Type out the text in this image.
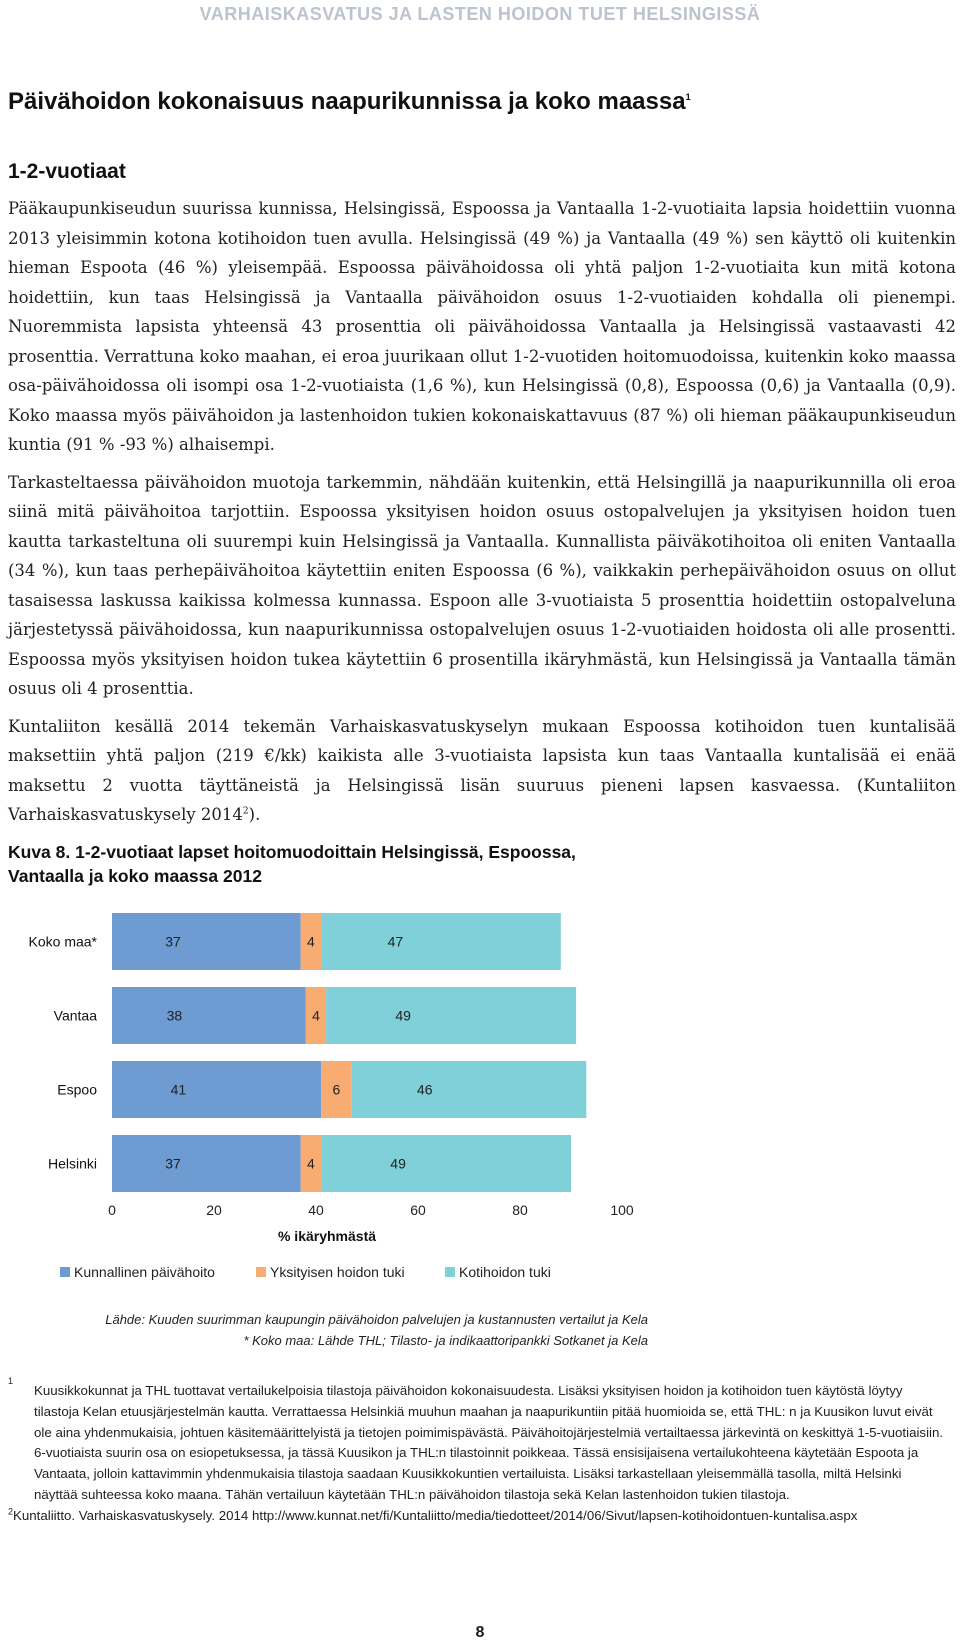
VARHAISKASVATUS JA LASTEN HOIDON TUET HELSINGISSÄ
Päivähoidon kokonaisuus naapurikunnissa ja koko maassa$^1$
1-2-vuotiaat

Pääkaupunkiseudun suurissa kunnissa, Helsingissä, Espoossa ja Vantaalla 1-2-vuotiaita lapsia hoidettiin vuonna 2013 yleisimmin kotona kotihoidon tuen avulla. Helsingissä (49 %) ja Vantaalla (49 %) sen käyttö oli kuitenkin hieman Espoota (46 %) yleisempää. Espoossa päivähoidossa oli yhtä paljon 1-2-vuotiaita kun mitä kotona hoidettiin, kun taas Helsingissä ja Vantaalla päivähoidon osuus 1-2-vuotiaiden kohdalla oli pienempi. Nuoremmista lapsista yhteensä 43 prosenttia oli päivähoidossa Vantaalla ja Helsingissä vastaavasti 42 prosenttia. Verrattuna koko maahan, ei eroa juurikaan ollut 1-2-vuotiden hoitomuodoissa, kuitenkin koko maassa osa-päivähoidossa oli isompi osa 1-2-vuotiaista (1,6 %), kun Helsingissä (0,8), Espoossa (0,6) ja Vantaalla (0,9). Koko maassa myös päivähoidon ja lastenhoidon tukien kokonaiskattavuus (87 %) oli hieman pääkaupunkiseudun kuntia (91 % -93 %) alhaisempi.

Tarkasteltaessa päivähoidon muotoja tarkemmin, nähdään kuitenkin, että Helsingillä ja naapurikunnilla oli eroa siinä mitä päivähoitoa tarjottiin. Espoossa yksityisen hoidon osuus ostopalvelujen ja yksityisen hoidon tuen kautta tarkasteltuna oli suurempi kuin Helsingissä ja Vantaalla. Kunnallista päiväkotihoitoa oli eniten Vantaalla (34 %), kun taas perhepäivähoitoa käytettiin eniten Espoossa (6 %), vaikkakin perhepäivähoidon osuus on ollut tasaisessa laskussa kaikissa kolmessa kunnassa. Espoon alle 3-vuotiaista 5 prosenttia hoidettiin ostopalveluna järjestetyssä päivähoidossa, kun naapurikunnissa ostopalvelujen osuus 1-2-vuotiaiden hoidosta oli alle prosentti. Espoossa myös yksityisen hoidon tukea käytettiin 6 prosentilla ikäryhmästä, kun Helsingissä ja Vantaalla tämän osuus oli 4 prosenttia.

Kuntaliiton kesällä 2014 tekemän Varhaiskasvatuskyselyn mukaan Espoossa kotihoidon tuen kuntalisää maksettiin yhtä paljon (219 €/kk) kaikista alle 3-vuotiaista lapsista kun taas Vantaalla kuntalisää ei enää maksettu 2 vuotta täyttäneistä ja Helsingissä lisän suuruus pieneni lapsen kasvaessa. (Kuntaliiton Varhaiskasvatuskysely 2014$^2$).

Kuva 8. 1-2-vuotiaat lapset hoitomuodoittain Helsingissä, Espoossa,
Vantaalla ja koko maassa 2012
Koko maa*	37	4	47
Vantaa	38	4	49
Espoo	41	6	46
Helsinki	37	4	49
0	20	40	60	80	100
% ikäryhmästä
Kunnallinen päivähoito	Yksityisen hoidon tuki	Kotihoidon tuki
Lähde: Kuuden suurimman kaupungin päivähoidon palvelujen ja kustannusten vertailut ja Kela
* Koko maa: Lähde THL; Tilasto- ja indikaattoripankki Sotkanet ja Kela
1
Kuusikkokunnat ja THL tuottavat vertailukelpoisia tilastoja päivähoidon kokonaisuudesta. Lisäksi yksityisen hoidon ja kotihoidon tuen käytöstä löytyy tilastoja Kelan etuusjärjestelmän kautta. Verrattaessa Helsinkiä muuhun maahan ja naapurikuntiin pitää huomioida se, että THL: n ja Kuusikon luvut eivät ole aina yhdenmukaisia, johtuen käsitemäärittelyistä ja tietojen poimimispävästä. Päivähoitojärjestelmiä vertailtaessa järkevintä on keskittyä 1-5-vuotiaisiin. 6-vuotiaista suurin osa on esiopetuksessa, ja tässä Kuusikon ja THL:n tilastoinnit poikkeaa. Tässä ensisijaisena vertailukohteena käytetään Espoota ja Vantaata, jolloin kattavimmin yhdenmukaisia tilastoja saadaan Kuusikkokuntien vertailuista. Lisäksi tarkastellaan yleisemmällä tasolla, miltä Helsinki näyttää suhteessa koko maana. Tähän vertailuun käytetään THL:n päivähoidon tilastoja sekä Kelan lastenhoidon tukien tilastoja.
$^2$Kuntaliitto. Varhaiskasvatuskysely. 2014 http://www.kunnat.net/fi/Kuntaliitto/media/tiedotteet/2014/06/Sivut/lapsen-kotihoidontuen-kuntalisa.aspx
8
